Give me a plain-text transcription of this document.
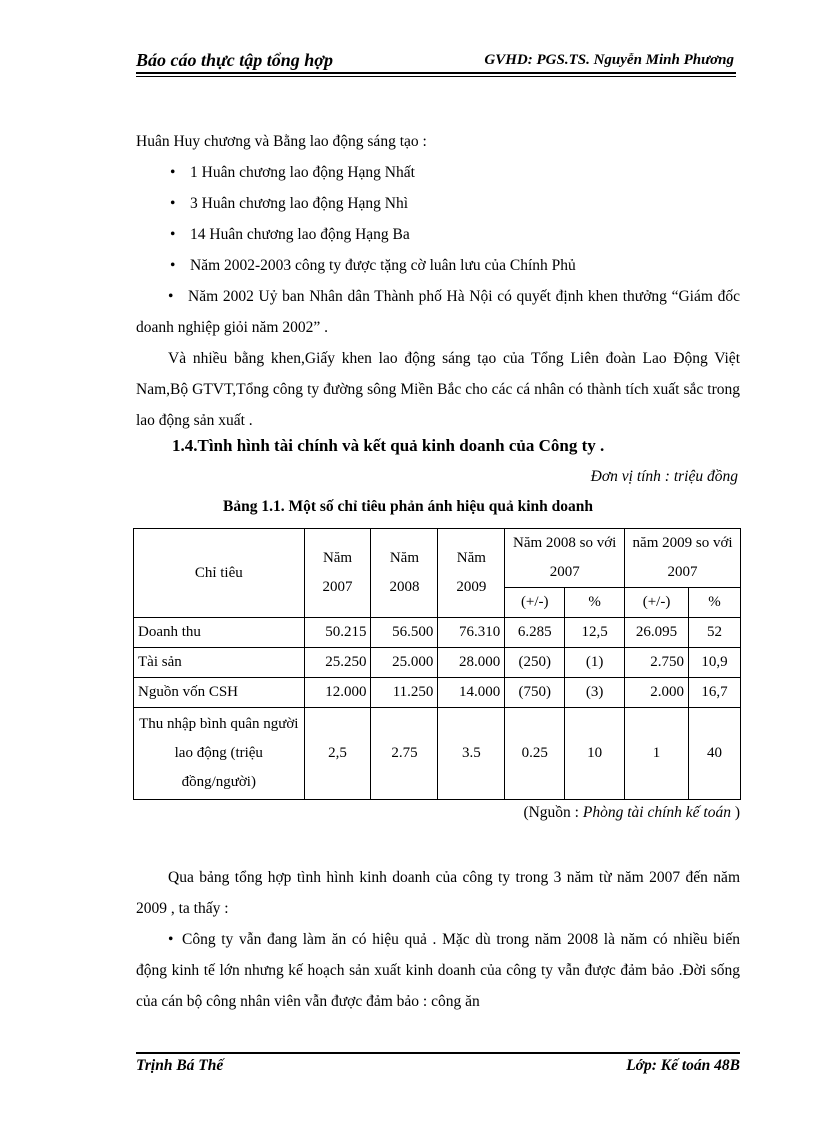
Báo cáo thực tập tổng hợp	GVHD: PGS.TS. Nguyễn Minh Phương

Huân Huy chương và Bằng lao động sáng tạo :

• 1 Huân chương lao động Hạng Nhất

• 3 Huân chương lao động Hạng Nhì

• 14 Huân chương lao động Hạng Ba

• Năm 2002-2003 công ty được tặng cờ luân lưu của Chính Phủ

• Năm 2002 Uỷ ban Nhân dân Thành phố Hà Nội có quyết định khen thưởng “Giám đốc doanh nghiệp giỏi năm 2002” .

Và nhiều bằng khen,Giấy khen lao động sáng tạo của Tổng Liên đoàn Lao Động Việt Nam,Bộ GTVT,Tổng công ty đường sông Miền Bắc cho các cá nhân có thành tích xuất sắc trong lao động sản xuất .

1.4.Tình hình tài chính và kết quả kinh doanh của Công ty .
Đơn vị tính : triệu đồng
Bảng 1.1. Một số chỉ tiêu phản ánh hiệu quả kinh doanh
Chỉ tiêu	Năm 2007	Năm 2008	Năm 2009	Năm 2008 so với 2007		năm 2009 so với 2007	
				(+/-)	%	(+/-)	%
Doanh thu	50.215	56.500	76.310	6.285	12,5	26.095	52
Tài sản	25.250	25.000	28.000	(250)	(1)	2.750	10,9
Nguồn vốn CSH	12.000	11.250	14.000	(750)	(3)	2.000	16,7
Thu nhập bình quân người lao động (triệu đồng/người)	2,5	2.75	3.5	0.25	10	1	40
(Nguồn : Phòng tài chính kế toán )

Qua bảng tổng hợp tình hình kinh doanh của công ty trong 3 năm từ năm 2007 đến năm 2009 , ta thấy :

• Công ty vẫn đang làm ăn có hiệu quả . Mặc dù trong năm 2008 là năm có nhiều biến động kinh tế lớn nhưng kế hoạch sản xuất kinh doanh của công ty vẫn được đảm bảo .Đời sống của cán bộ công nhân viên vẫn được đảm bảo : công ăn

Trịnh Bá Thế	Lớp: Kế toán 48B
